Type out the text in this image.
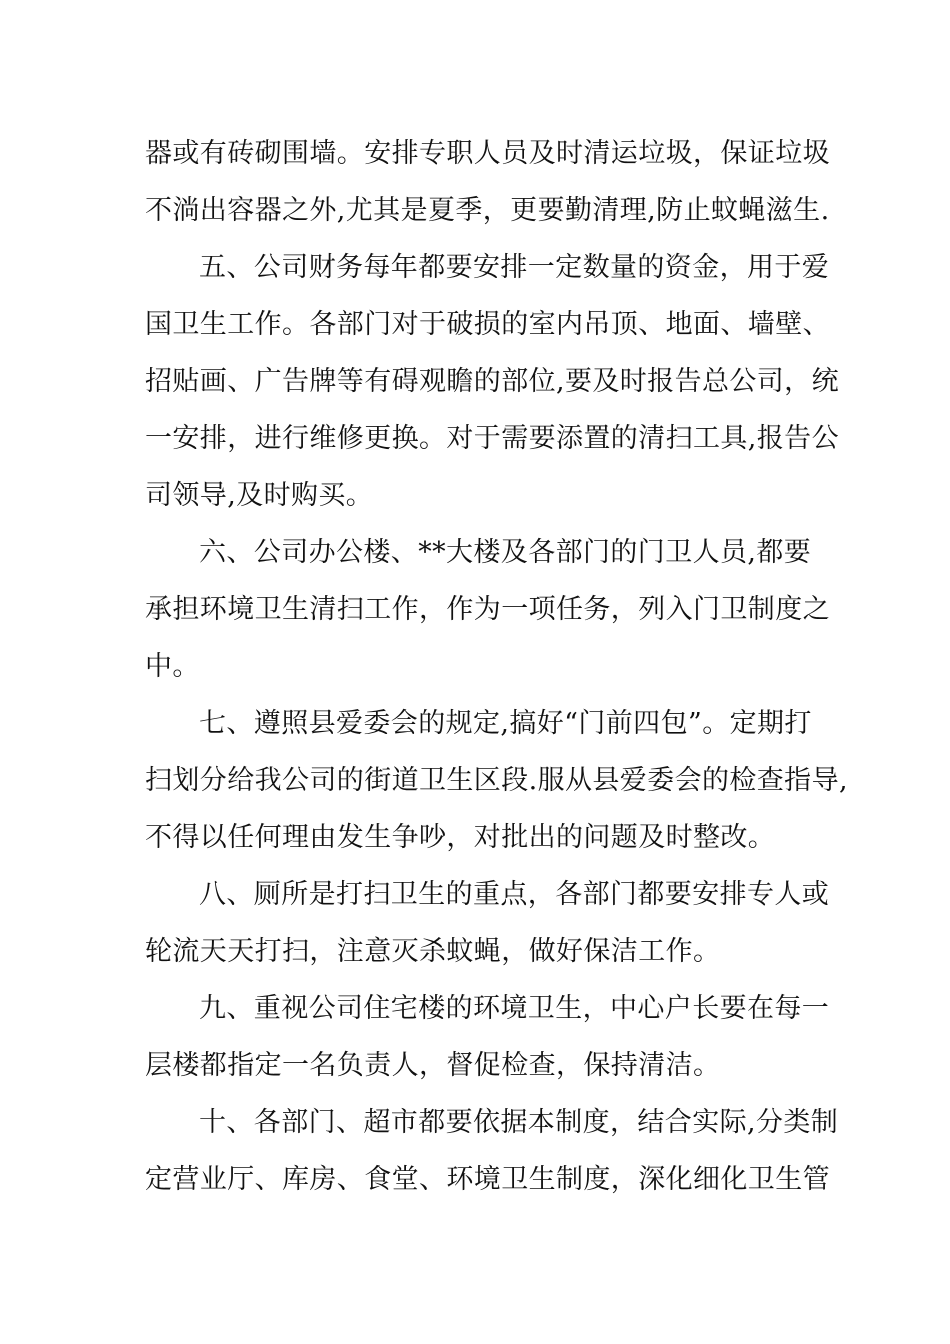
器或有砖砌围墙。安排专职人员及时清运垃圾，保证垃圾
不淌出容器之外,尤其是夏季，更要勤清理,防止蚊蝇滋生.
五、公司财务每年都要安排一定数量的资金，用于爱
国卫生工作。各部门对于破损的室内吊顶、地面、墙壁、
招贴画、广告牌等有碍观瞻的部位,要及时报告总公司，统
一安排，进行维修更换。对于需要添置的清扫工具,报告公
司领导,及时购买。
六、公司办公楼、**大楼及各部门的门卫人员,都要
承担环境卫生清扫工作，作为一项任务，列入门卫制度之
中。
七、遵照县爱委会的规定,搞好“门前四包”。定期打
扫划分给我公司的街道卫生区段.服从县爱委会的检查指导,
不得以任何理由发生争吵，对批出的问题及时整改。
八、厕所是打扫卫生的重点，各部门都要安排专人或
轮流天天打扫，注意灭杀蚊蝇，做好保洁工作。
九、重视公司住宅楼的环境卫生，中心户长要在每一
层楼都指定一名负责人，督促检查，保持清洁。
十、各部门、超市都要依据本制度，结合实际,分类制
定营业厅、库房、食堂、环境卫生制度，深化细化卫生管
